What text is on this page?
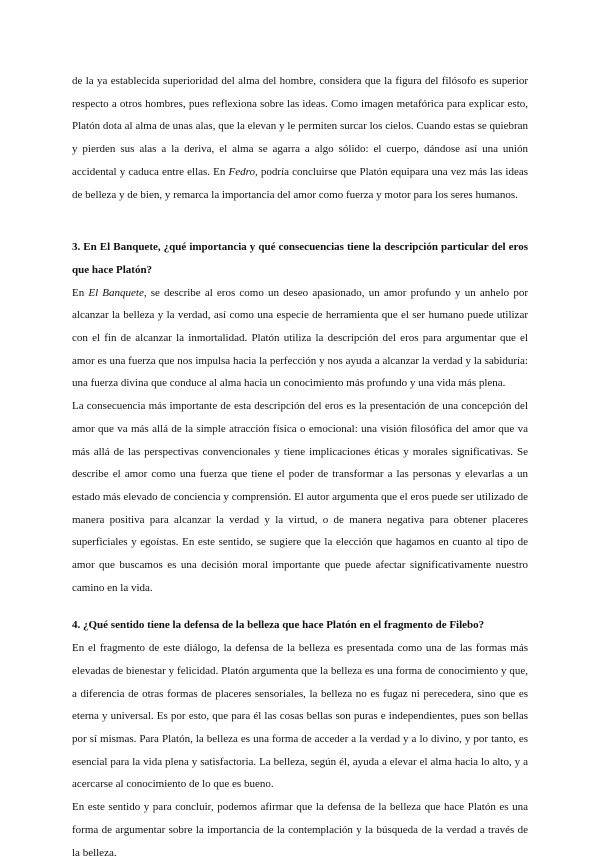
de la ya establecida superioridad del alma del hombre, considera que la figura del filósofo es superior respecto a otros hombres, pues reflexiona sobre las ideas. Como imagen metafórica para explicar esto, Platón dota al alma de unas alas, que la elevan y le permiten surcar los cielos. Cuando estas se quiebran y pierden sus alas a la deriva, el alma se agarra a algo sólido: el cuerpo, dándose así una unión accidental y caduca entre ellas. En Fedro, podría concluirse que Platón equipara una vez más las ideas de belleza y de bien, y remarca la importancia del amor como fuerza y motor para los seres humanos.

3. En El Banquete, ¿qué importancia y qué consecuencias tiene la descripción particular del eros que hace Platón?

En El Banquete, se describe al eros como un deseo apasionado, un amor profundo y un anhelo por alcanzar la belleza y la verdad, así como una especie de herramienta que el ser humano puede utilizar con el fin de alcanzar la inmortalidad. Platón utiliza la descripción del eros para argumentar que el amor es una fuerza que nos impulsa hacia la perfección y nos ayuda a alcanzar la verdad y la sabiduría: una fuerza divina que conduce al alma hacia un conocimiento más profundo y una vida más plena.

La consecuencia más importante de esta descripción del eros es la presentación de una concepción del amor que va más allá de la simple atracción física o emocional: una visión filosófica del amor que va más allá de las perspectivas convencionales y tiene implicaciones éticas y morales significativas. Se describe el amor como una fuerza que tiene el poder de transformar a las personas y elevarlas a un estado más elevado de conciencia y comprensión. El autor argumenta que el eros puede ser utilizado de manera positiva para alcanzar la verdad y la virtud, o de manera negativa para obtener placeres superficiales y egoístas. En este sentido, se sugiere que la elección que hagamos en cuanto al tipo de amor que buscamos es una decisión moral importante que puede afectar significativamente nuestro camino en la vida.

4. ¿Qué sentido tiene la defensa de la belleza que hace Platón en el fragmento de Filebo?

En el fragmento de este diálogo, la defensa de la belleza es presentada como una de las formas más elevadas de bienestar y felicidad. Platón argumenta que la belleza es una forma de conocimiento y que, a diferencia de otras formas de placeres sensoriales, la belleza no es fugaz ni perecedera, sino que es eterna y universal. Es por esto, que para él las cosas bellas son puras e independientes, pues son bellas por sí mismas. Para Platón, la belleza es una forma de acceder a la verdad y a lo divino, y por tanto, es esencial para la vida plena y satisfactoria. La belleza, según él, ayuda a elevar el alma hacia lo alto, y a acercarse al conocimiento de lo que es bueno.

En este sentido y para concluir, podemos afirmar que la defensa de la belleza que hace Platón es una forma de argumentar sobre la importancia de la contemplación y la búsqueda de la verdad a través de la belleza.
